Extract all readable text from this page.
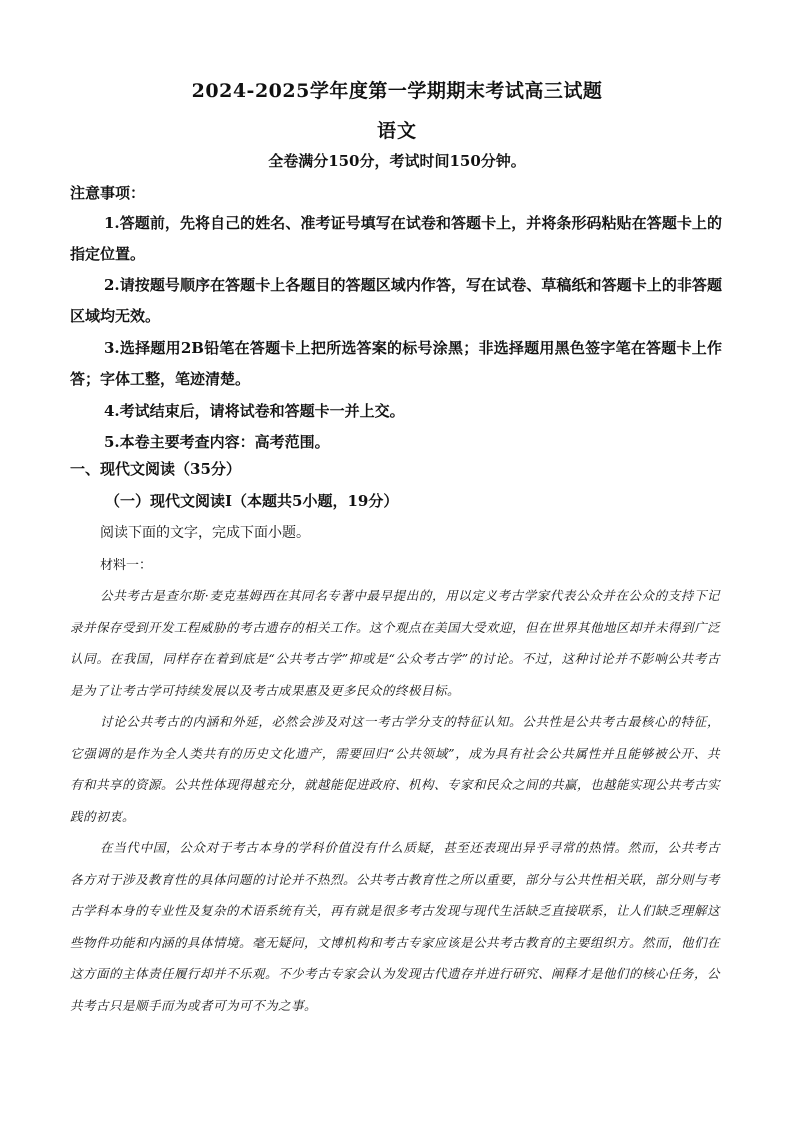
2024-2025学年度第一学期期末考试高三试题
语文
全卷满分150分，考试时间150分钟。
注意事项：
1.答题前，先将自己的姓名、准考证号填写在试卷和答题卡上，并将条形码粘贴在答题卡上的指定位置。
2.请按题号顺序在答题卡上各题目的答题区域内作答，写在试卷、草稿纸和答题卡上的非答题区域均无效。
3.选择题用2B铅笔在答题卡上把所选答案的标号涂黑；非选择题用黑色签字笔在答题卡上作答；字体工整，笔迹清楚。
4.考试结束后，请将试卷和答题卡一并上交。
5.本卷主要考查内容：高考范围。
一、现代文阅读（35分）
（一）现代文阅读Ⅰ（本题共5小题，19分）
阅读下面的文字，完成下面小题。
材料一：
公共考古是查尔斯·麦克基姆西在其同名专著中最早提出的，用以定义考古学家代表公众并在公众的支持下记录并保存受到开发工程威胁的考古遗存的相关工作。这个观点在美国大受欢迎，但在世界其他地区却并未得到广泛认同。在我国，同样存在着到底是“公共考古学”抑或是“公众考古学”的讨论。不过，这种讨论并不影响公共考古是为了让考古学可持续发展以及考古成果惠及更多民众的终极目标。
讨论公共考古的内涵和外延，必然会涉及对这一考古学分支的特征认知。公共性是公共考古最核心的特征，它强调的是作为全人类共有的历史文化遗产，需要回归“公共领域”，成为具有社会公共属性并且能够被公开、共有和共享的资源。公共性体现得越充分，就越能促进政府、机构、专家和民众之间的共赢，也越能实现公共考古实践的初衷。
在当代中国，公众对于考古本身的学科价值没有什么质疑，甚至还表现出异乎寻常的热情。然而，公共考古各方对于涉及教育性的具体问题的讨论并不热烈。公共考古教育性之所以重要，部分与公共性相关联，部分则与考古学科本身的专业性及复杂的术语系统有关，再有就是很多考古发现与现代生活缺乏直接联系，让人们缺乏理解这些物件功能和内涵的具体情境。毫无疑问，文博机构和考古专家应该是公共考古教育的主要组织方。然而，他们在这方面的主体责任履行却并不乐观。不少考古专家会认为发现古代遗存并进行研究、阐释才是他们的核心任务，公共考古只是顺手而为或者可为可不为之事。
